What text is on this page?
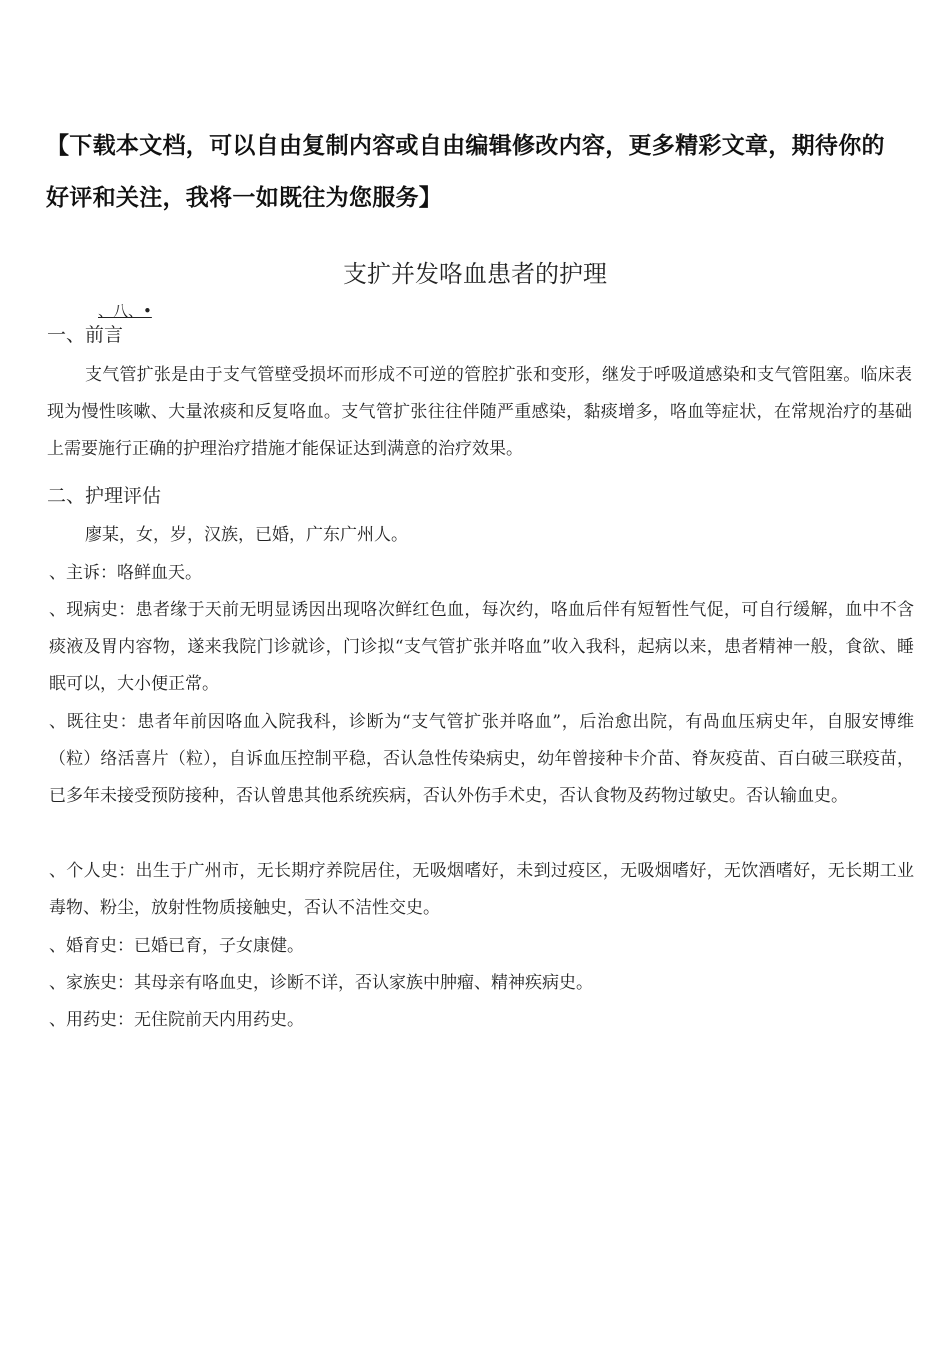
【下载本文档，可以自由复制内容或自由编辑修改内容，更多精彩文章，期待你的好评和关注，我将一如既往为您服务】
支扩并发咯血患者的护理
、八、•
一、前言
支气管扩张是由于支气管壁受损坏而形成不可逆的管腔扩张和变形，继发于呼吸道感染和支气管阻塞。临床表现为慢性咳嗽、大量浓痰和反复咯血。支气管扩张往往伴随严重感染，黏痰增多，咯血等症状，在常规治疗的基础上需要施行正确的护理治疗措施才能保证达到满意的治疗效果。
二、护理评估
廖某，女，岁，汉族，已婚，广东广州人。
、主诉：咯鲜血天。
、现病史：患者缘于天前无明显诱因出现咯次鲜红色血，每次约，咯血后伴有短暂性气促，可自行缓解，血中不含痰液及胃内容物，遂来我院门诊就诊，门诊拟“支气管扩张并咯血”收入我科，起病以来，患者精神一般，食欲、睡眠可以，大小便正常。
、既往史：患者年前因咯血入院我科，诊断为“支气管扩张并咯血”，后治愈出院，有咼血压病史年，自服安博维（粒）络活喜片（粒），自诉血压控制平稳，否认急性传染病史，幼年曾接种卡介苗、脊灰疫苗、百白破三联疫苗，已多年未接受预防接种，否认曾患其他系统疾病，否认外伤手术史，否认食物及药物过敏史。否认输血史。
、个人史：出生于广州市，无长期疗养院居住，无吸烟嗜好，未到过疫区，无吸烟嗜好，无饮酒嗜好，无长期工业毒物、粉尘，放射性物质接触史，否认不洁性交史。
、婚育史：已婚已育，子女康健。
、家族史：其母亲有咯血史，诊断不详，否认家族中肿瘤、精神疾病史。
、用药史：无住院前天内用药史。
